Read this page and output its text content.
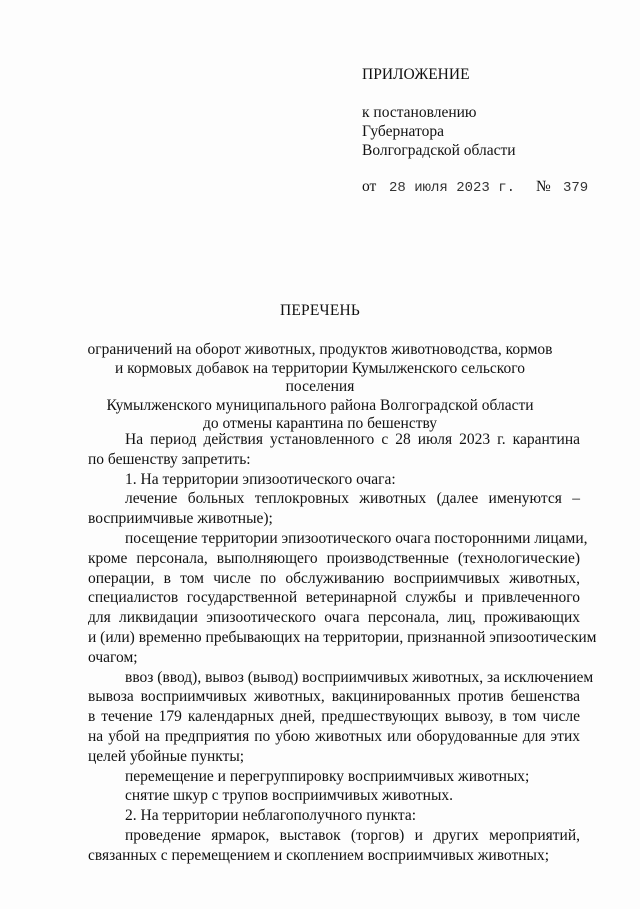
ПРИЛОЖЕНИЕ
к постановлению
Губернатора
Волгоградской области
от 28 июля 2023 г. № 379
ПЕРЕЧЕНЬ
ограничений на оборот животных, продуктов животноводства, кормов
и кормовых добавок на территории Кумылженского сельского поселения
Кумылженского муниципального района Волгоградской области
до отмены карантина по бешенству
На период действия установленного с 28 июля 2023 г. карантина
по бешенству запретить:
1. На территории эпизоотического очага:
лечение больных теплокровных животных (далее именуются –
восприимчивые животные);
посещение территории эпизоотического очага посторонними лицами,
кроме персонала, выполняющего производственные (технологические)
операции, в том числе по обслуживанию восприимчивых животных,
специалистов государственной ветеринарной службы и привлеченного
для ликвидации эпизоотического очага персонала, лиц, проживающих
и (или) временно пребывающих на территории, признанной эпизоотическим
очагом;
ввоз (ввод), вывоз (вывод) восприимчивых животных, за исключением
вывоза восприимчивых животных, вакцинированных против бешенства
в течение 179 календарных дней, предшествующих вывозу, в том числе
на убой на предприятия по убою животных или оборудованные для этих
целей убойные пункты;
перемещение и перегруппировку восприимчивых животных;
снятие шкур с трупов восприимчивых животных.
2. На территории неблагополучного пункта:
проведение ярмарок, выставок (торгов) и других мероприятий,
связанных с перемещением и скоплением восприимчивых животных;
